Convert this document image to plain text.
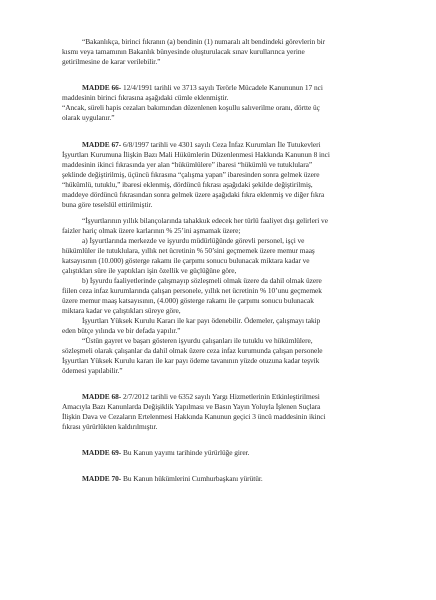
“Bakanlıkça, birinci fıkranın (a) bendinin (1) numaralı alt bendindeki görevlerin bir
kısmı veya tamamının Bakanlık bünyesinde oluşturulacak sınav kurullarınca yerine
getirilmesine de karar verilebilir.”
MADDE 66- 12/4/1991 tarihli ve 3713 sayılı Terörle Mücadele Kanununun 17 nci
maddesinin birinci fıkrasına aşağıdaki cümle eklenmiştir.
“Ancak, süreli hapis cezaları bakımından düzenlenen koşullu salıverilme oranı, dörtte üç
olarak uygulanır.”
MADDE 67- 6/8/1997 tarihli ve 4301 sayılı Ceza İnfaz Kurumları İle Tutukevleri
İşyurtları Kurumuna İlişkin Bazı Mali Hükümlerin Düzenlenmesi Hakkında Kanunun 8 inci
maddesinin ikinci fıkrasında yer alan “hükümlülere” ibaresi “hükümlü ve tutuklulara”
şeklinde değiştirilmiş, üçüncü fıkrasına “çalışma yapan” ibaresinden sonra gelmek üzere
“hükümlü, tutuklu,” ibaresi eklenmiş, dördüncü fıkrası aşağıdaki şekilde değiştirilmiş,
maddeye dördüncü fıkrasından sonra gelmek üzere aşağıdaki fıkra eklenmiş ve diğer fıkra
buna göre teselslül ettirilmiştir.
“İşyurtlarının yıllık bilançolarında tahakkuk edecek her türlü faaliyet dışı gelirleri ve
faizler hariç olmak üzere karlarının % 25’ini aşmamak üzere;
a) İşyurtlarında merkezde ve işyurdu müdürlüğünde görevli personel, işçi ve
hükümlüler ile tutuklulara, yıllık net ücretinin % 50’sini geçmemek üzere memur maaş
katsayısının (10.000) gösterge rakamı ile çarpımı sonucu bulunacak miktara kadar ve
çalıştıkları süre ile yaptıkları işin özellik ve güçlüğüne göre,
b) İşyurdu faaliyetlerinde çalışmayıp sözleşmeli olmak üzere da dahil olmak üzere
fiilen ceza infaz kurumlarında çalışan personele, yıllık net ücretinin % 10’unu geçmemek
üzere memur maaş katsayısının, (4.000) gösterge rakamı ile çarpımı sonucu bulunacak
miktara kadar ve çalıştıkları süreye göre,
İşyurtları Yüksek Kurulu Kararı ile kar payı ödenebilir. Ödemeler, çalışmayı takip
eden bütçe yılında ve bir defada yapılır.”
“Üstün gayret ve başarı gösteren işyurdu çalışanları ile tutuklu ve hükümlülere,
sözleşmeli olarak çalışanlar da dahil olmak üzere ceza infaz kurumunda çalışan personele
İşyurtları Yüksek Kurulu kararı ile kar payı ödeme tavanının yüzde otuzuna kadar teşvik
ödemesi yapılabilir.”
MADDE 68- 2/7/2012 tarihli ve 6352 sayılı Yargı Hizmetlerinin Etkinleştirilmesi
Amacıyla Bazı Kanunlarda Değişiklik Yapılması ve Basın Yayın Yoluyla İşlenen Suçlara
İlişkin Dava ve Cezaların Ertelenmesi Hakkında Kanunun geçici 3 üncü maddesinin ikinci
fıkrası yürürlükten kaldırılmıştır.
MADDE 69- Bu Kanun yayımı tarihinde yürürlüğe girer.
MADDE 70- Bu Kanun hükümlerini Cumhurbaşkanı yürütür.
